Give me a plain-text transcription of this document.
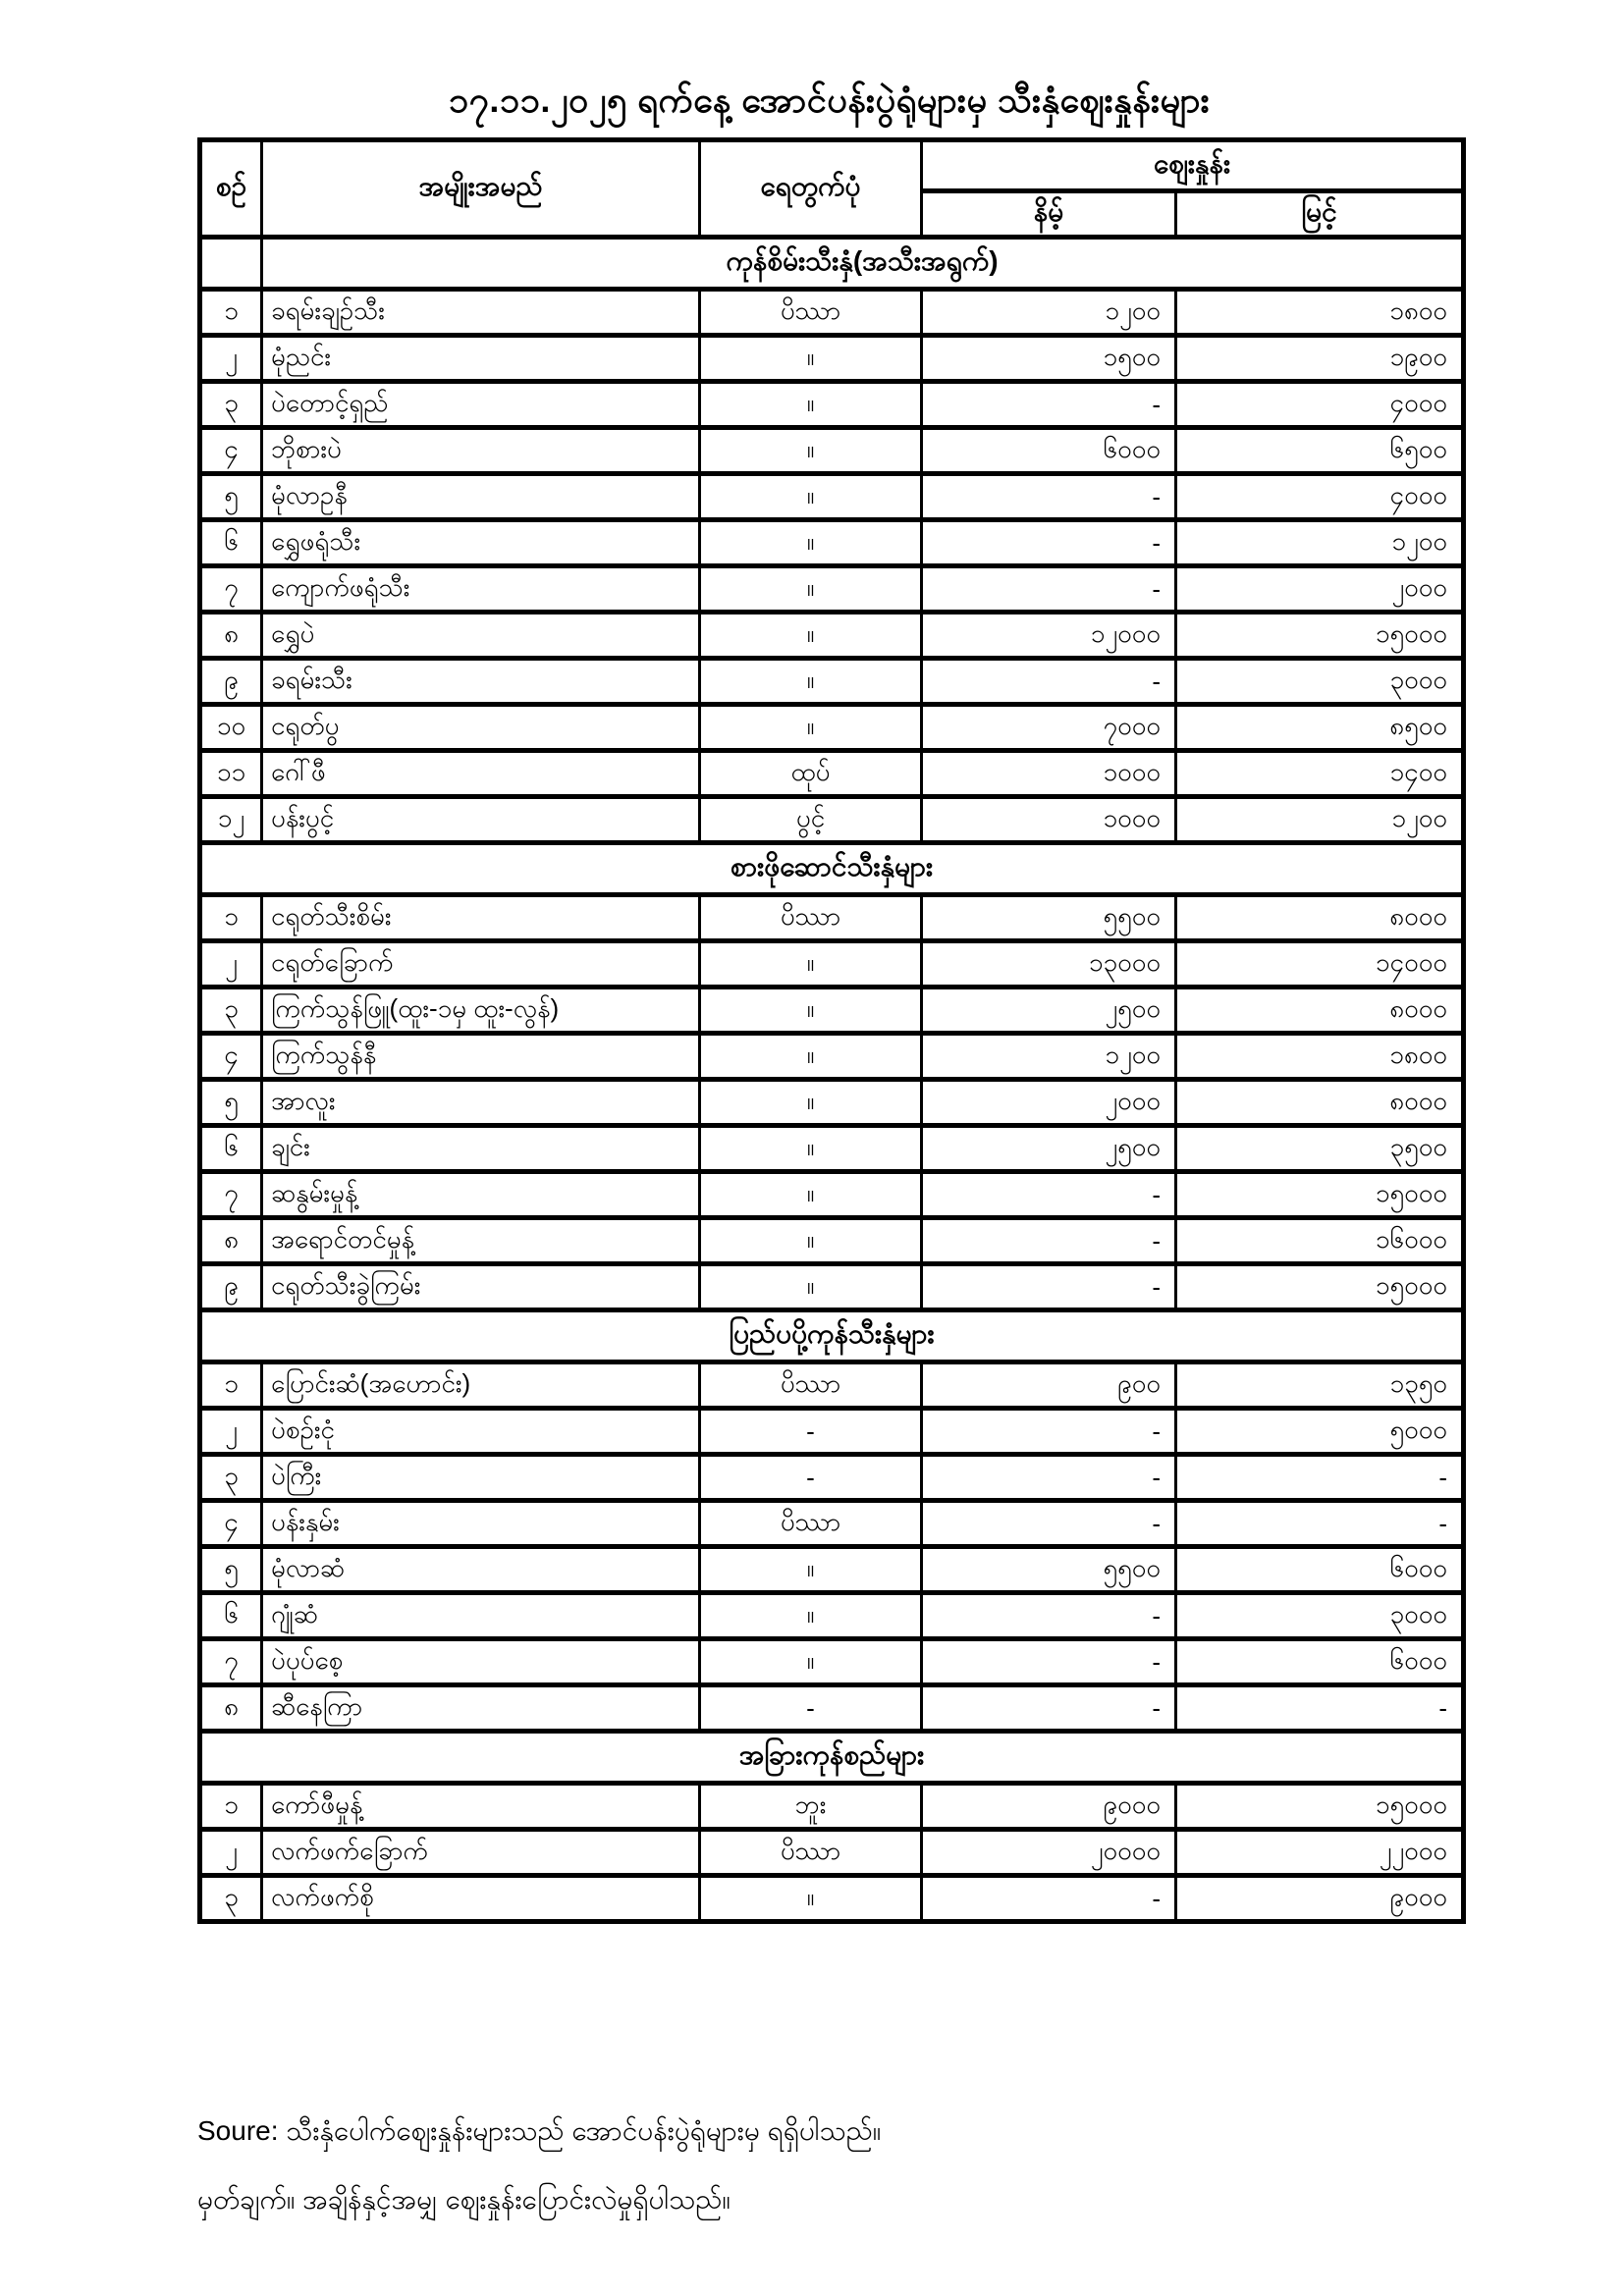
၁၇.၁၁.၂၀၂၅ ရက်နေ့ အောင်ပန်းပွဲရုံများမှ သီးနှံဈေးနှုန်းများ
စဉ်	အမျိုးအမည်	ရေတွက်ပုံ	ဈေးနှုန်း	
			နိမ့်	မြင့်
	ကုန်စိမ်းသီးနှံ(အသီးအရွက်)			
၁	ခရမ်းချဉ်သီး	ပိဿာ	၁၂၀၀	၁၈၀၀
၂	မုံညင်း	။	၁၅၀၀	၁၉၀၀
၃	ပဲတောင့်ရှည်	။	-	၄၀၀၀
၄	ဘိုစားပဲ	။	၆၀၀၀	၆၅၀၀
၅	မုံလာဥနီ	။	-	၄၀၀၀
၆	ရွှေဖရုံသီး	။	-	၁၂၀၀
၇	ကျောက်ဖရုံသီး	။	-	၂၀၀၀
၈	ရွှေပဲ	။	၁၂၀၀၀	၁၅၀၀၀
၉	ခရမ်းသီး	။	-	၃၀၀၀
၁၀	ငရုတ်ပွ	။	၇၀၀၀	၈၅၀၀
၁၁	ဂေါ်ဖီ	ထုပ်	၁၀၀၀	၁၄၀၀
၁၂	ပန်းပွင့်	ပွင့်	၁၀၀၀	၁၂၀၀
စားဖိုဆောင်သီးနှံများ				
၁	ငရုတ်သီးစိမ်း	ပိဿာ	၅၅၀၀	၈၀၀၀
၂	ငရုတ်ခြောက်	။	၁၃၀၀၀	၁၄၀၀၀
၃	ကြက်သွန်ဖြူ(ထူး-၁မှ ထူး-လွန်)	။	၂၅၀၀	၈၀၀၀
၄	ကြက်သွန်နီ	။	၁၂၀၀	၁၈၀၀
၅	အာလူး	။	၂၀၀၀	၈၀၀၀
၆	ချင်း	။	၂၅၀၀	၃၅၀၀
၇	ဆနွမ်းမှုန့်	။	-	၁၅၀၀၀
၈	အရောင်တင်မှုန့်	။	-	၁၆၀၀၀
၉	ငရုတ်သီးခွဲကြမ်း	။	-	၁၅၀၀၀
ပြည်ပပို့ကုန်သီးနှံများ				
၁	ပြောင်းဆံ(အဟောင်း)	ပိဿာ	၉၀၀	၁၃၅၀
၂	ပဲစဉ်းငုံ	-	-	၅၀၀၀
၃	ပဲကြီး	-	-	-
၄	ပန်းနှမ်း	ပိဿာ	-	-
၅	မုံလာဆံ	။	၅၅၀၀	၆၀၀၀
၆	ဂျုံဆံ	။	-	၃၀၀၀
၇	ပဲပုပ်စေ့	။	-	၆၀၀၀
၈	ဆီနေကြာ	-	-	-
အခြားကုန်စည်များ				
၁	ကော်ဖီမှုန့်	ဘူး	၉၀၀၀	၁၅၀၀၀
၂	လက်ဖက်ခြောက်	ပိဿာ	၂၀၀၀၀	၂၂၀၀၀
၃	လက်ဖက်စို	။	-	၉၀၀၀
Soure: သီးနှံပေါက်ဈေးနှုန်းများသည် အောင်ပန်းပွဲရုံများမှ ရရှိပါသည်။
မှတ်ချက်။ အချိန်နှင့်အမျှ ဈေးနှုန်းပြောင်းလဲမှုရှိပါသည်။
